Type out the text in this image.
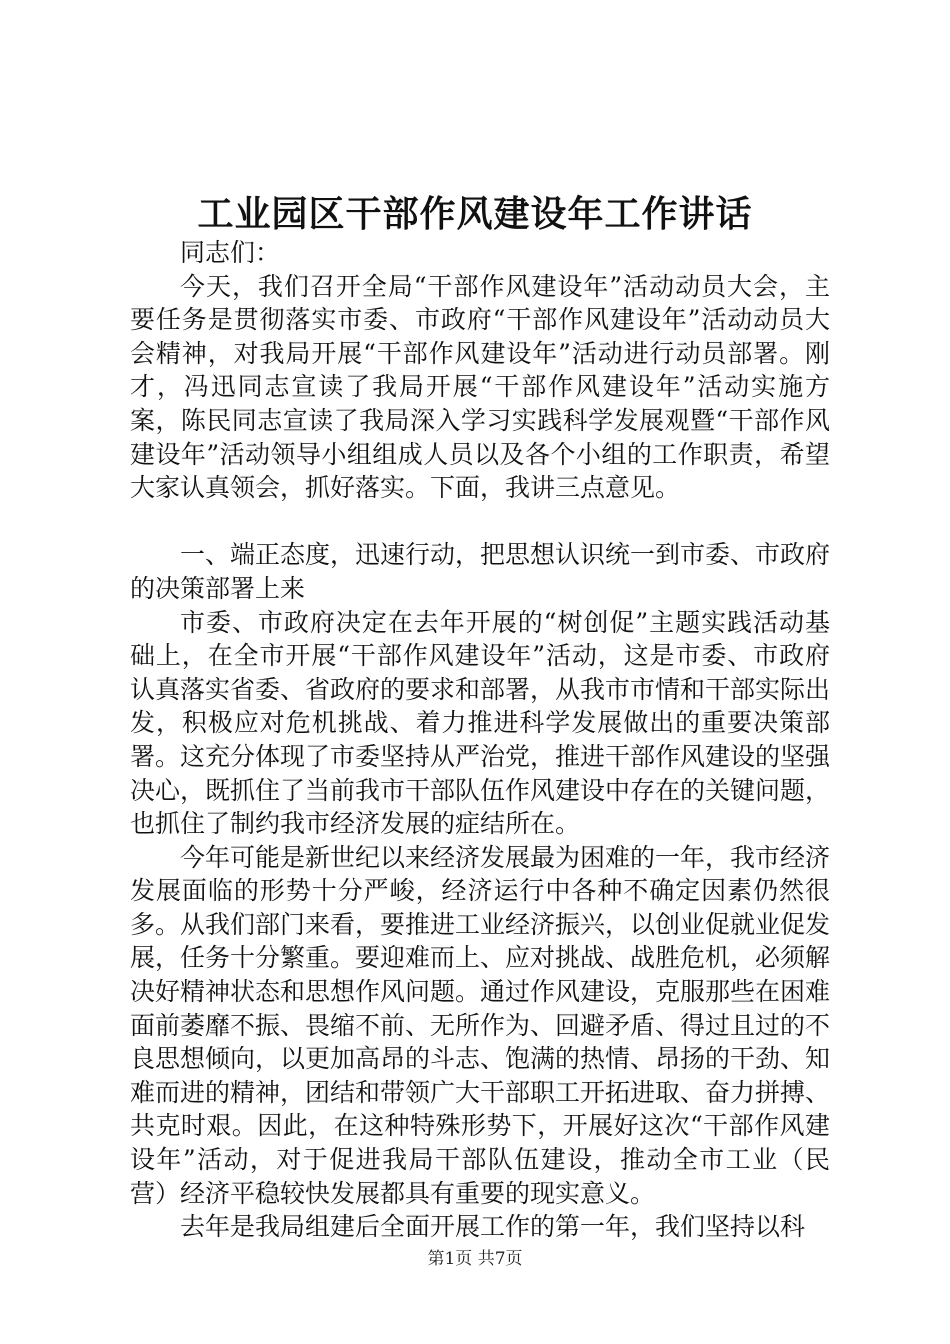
工业园区干部作风建设年工作讲话

同志们：

今天，我们召开全局“干部作风建设年”活动动员大会，主要任务是贯彻落实市委、市政府“干部作风建设年”活动动员大会精神，对我局开展“干部作风建设年”活动进行动员部署。刚才，冯迅同志宣读了我局开展“干部作风建设年”活动实施方案，陈民同志宣读了我局深入学习实践科学发展观暨“干部作风建设年”活动领导小组组成人员以及各个小组的工作职责，希望大家认真领会，抓好落实。下面，我讲三点意见。

一、端正态度，迅速行动，把思想认识统一到市委、市政府的决策部署上来

市委、市政府决定在去年开展的“树创促”主题实践活动基础上，在全市开展“干部作风建设年”活动，这是市委、市政府认真落实省委、省政府的要求和部署，从我市市情和干部实际出发，积极应对危机挑战、着力推进科学发展做出的重要决策部署。这充分体现了市委坚持从严治党，推进干部作风建设的坚强决心，既抓住了当前我市干部队伍作风建设中存在的关键问题，也抓住了制约我市经济发展的症结所在。

今年可能是新世纪以来经济发展最为困难的一年，我市经济发展面临的形势十分严峻，经济运行中各种不确定因素仍然很多。从我们部门来看，要推进工业经济振兴，以创业促就业促发展，任务十分繁重。要迎难而上、应对挑战、战胜危机，必须解决好精神状态和思想作风问题。通过作风建设，克服那些在困难面前萎靡不振、畏缩不前、无所作为、回避矛盾、得过且过的不良思想倾向，以更加高昂的斗志、饱满的热情、昂扬的干劲、知难而进的精神，团结和带领广大干部职工开拓进取、奋力拼搏、共克时艰。因此，在这种特殊形势下，开展好这次“干部作风建设年”活动，对于促进我局干部队伍建设，推动全市工业（民营）经济平稳较快发展都具有重要的现实意义。

去年是我局组建后全面开展工作的第一年，我们坚持以科

第1页 共7页
